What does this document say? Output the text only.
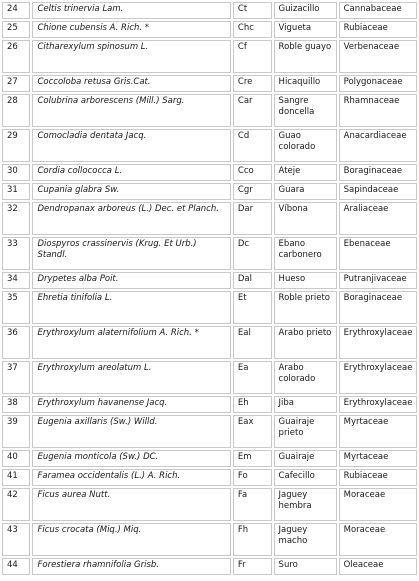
24	Celtis trinervia Lam.	Ct	Guizacillo	Cannabaceae
25	Chione cubensis A. Rich. *	Chc	Vigueta	Rubiaceae
26	Citharexylum spinosum L.	Cf	Roble guayo	Verbenaceae
27	Coccoloba retusa Gris.Cat.	Cre	Hicaquillo	Polygonaceae
28	Colubrina arborescens (Mill.) Sarg.	Car	Sangre doncella	Rhamnaceae
29	Comocladia dentata Jacq.	Cd	Guao colorado	Anacardiaceae
30	Cordia collococca L.	Cco	Ateje	Boraginaceae
31	Cupania glabra Sw.	Cgr	Guara	Sapindaceae
32	Dendropanax arboreus (L.) Dec. et Planch.	Dar	Víbona	Araliaceae
33	Diospyros crassinervis (Krug. Et Urb.) Standl.	Dc	Ebano carbonero	Ebenaceae
34	Drypetes alba Poit.	Dal	Hueso	Putranjivaceae
35	Ehretia tinifolia L.	Et	Roble prieto	Boraginaceae
36	Erythroxylum alaternifolium A. Rich. *	Eal	Arabo prieto	Erythroxylaceae
37	Erythroxylum areolatum L.	Ea	Arabo colorado	Erythroxylaceae
38	Erythroxylum havanense Jacq.	Eh	Jiba	Erythroxylaceae
39	Eugenia axillaris (Sw.) Willd.	Eax	Guairaje prieto	Myrtaceae
40	Eugenia monticola (Sw.) DC.	Em	Guairaje	Myrtaceae
41	Faramea occidentalis (L.) A. Rich.	Fo	Cafecillo	Rubiaceae
42	Ficus aurea Nutt.	Fa	Jaguey hembra	Moraceae
43	Ficus crocata (Miq.) Miq.	Fh	Jaguey macho	Moraceae
44	Forestiera rhamnifolia Grisb.	Fr	Suro	Oleaceae
